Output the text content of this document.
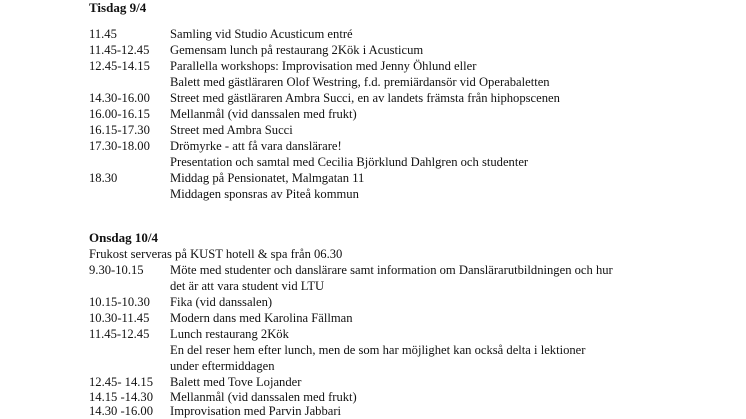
Tisdag 9/4
11.45	Samling vid Studio Acusticum entré
11.45-12.45 Gemensam lunch på restaurang 2Kök i Acusticum
12.45-14.15 Parallella workshops: Improvisation med Jenny Öhlund eller
Balett med gästläraren Olof Westring, f.d. premiärdansör vid Operabaletten
14.30-16.00 Street med gästläraren Ambra Succi, en av landets främsta från hiphopscenen
16.00-16.15 Mellanmål (vid danssalen med frukt)
16.15-17.30 Street med Ambra Succi
17.30-18.00 Drömyrke - att få vara danslärare!
Presentation och samtal med Cecilia Björklund Dahlgren och studenter
18.30	Middag på Pensionatet, Malmgatan 11
Middagen sponsras av Piteå kommun
Onsdag 10/4
Frukost serveras på KUST hotell & spa från 06.30
9.30-10.15 Möte med studenter och danslärare samt information om Danslärarutbildningen och hur
det är att vara student vid LTU
10.15-10.30 Fika (vid danssalen)
10.30-11.45 Modern dans med Karolina Fällman
11.45-12.45 Lunch restaurang 2Kök
En del reser hem efter lunch, men de som har möjlighet kan också delta i lektioner
under eftermiddagen
12.45- 14.15 Balett med Tove Lojander
14.15 -14.30 Mellanmål (vid danssalen med frukt)
14.30 -16.00 Improvisation med Parvin Jabbari
